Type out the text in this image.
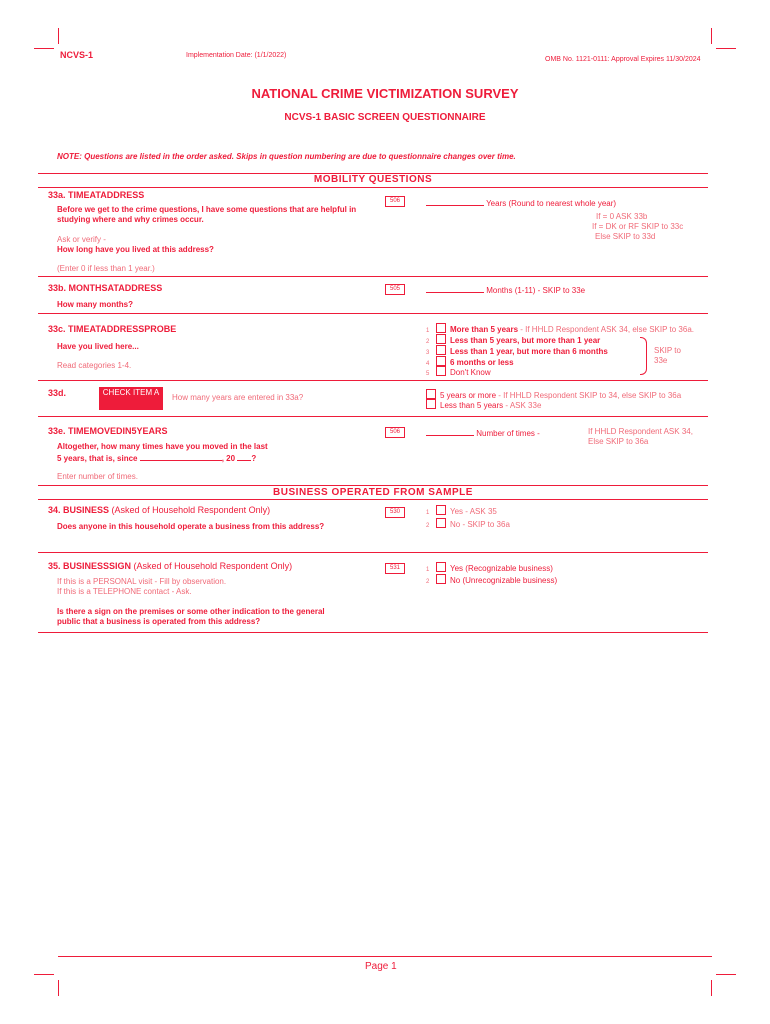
NCVS-1	Implementation Date: (1/1/2022)
OMB No. 1121-0111: Approval Expires 11/30/2024
NATIONAL CRIME VICTIMIZATION SURVEY
NCVS-1 BASIC SCREEN QUESTIONNAIRE
NOTE: Questions are listed in the order asked. Skips in question numbering are due to questionnaire changes over time.
MOBILITY QUESTIONS
33a. TIMEATADDRESS
506
Before we get to the crime questions, I have some questions that are helpful in studying where and why crimes occur.
Ask or verify -
How long have you lived at this address?
(Enter 0 if less than 1 year.)
Years (Round to nearest whole year)
If = 0 ASK 33b
If = DK or RF SKIP to 33c
Else SKIP to 33d
33b. MONTHSATADDRESS	505
How many months?
Months (1-11) - SKIP to 33e
33c. TIMEATADDRESSPROBE
Have you lived here...
Read categories 1-4.
1	More than 5 years - If HHLD Respondent ASK 34, else SKIP to 36a.
2	Less than 5 years, but more than 1 year
3	Less than 1 year, but more than 6 months
4	6 months or less
5	Don't Know
SKIP to 33e
33d.	CHECK ITEM A
How many years are entered in 33a?	5 years or more - If HHLD Respondent SKIP to 34, else SKIP to 36a
Less than 5 years - ASK 33e
33e. TIMEMOVEDIN5YEARS	506
Altogether, how many times have you moved in the last
5 years, that is, since	, 20 ?
Enter number of times.
Number of times -	If HHLD Respondent ASK 34, Else SKIP to 36a
BUSINESS OPERATED FROM SAMPLE
34. BUSINESS (Asked of Household Respondent Only)	530
Does anyone in this household operate a business from this address?
1	Yes - ASK 35
2	No - SKIP to 36a
35. BUSINESSSIGN (Asked of Household Respondent Only)	531
If this is a PERSONAL visit - Fill by observation.
If this is a TELEPHONE contact - Ask.
Is there a sign on the premises or some other indication to the general public that a business is operated from this address?
1	Yes (Recognizable business)
2	No (Unrecognizable business)
Page 1
